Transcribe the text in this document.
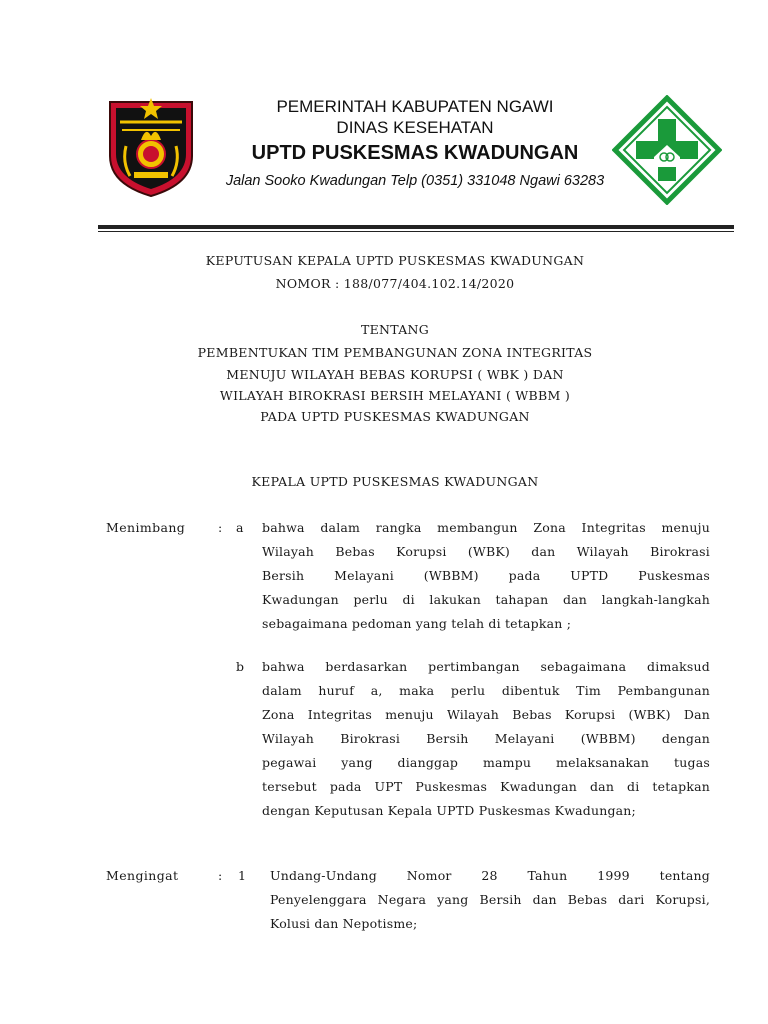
PEMERINTAH KABUPATEN NGAWI
DINAS KESEHATAN
UPTD PUSKESMAS KWADUNGAN
Jalan Sooko Kwadungan Telp (0351) 331048 Ngawi 63283
KEPUTUSAN KEPALA UPTD PUSKESMAS KWADUNGAN
NOMOR : 188/077/404.102.14/2020
TENTANG
PEMBENTUKAN TIM PEMBANGUNAN ZONA INTEGRITAS
MENUJU WILAYAH BEBAS KORUPSI ( WBK ) DAN
WILAYAH BIROKRASI BERSIH MELAYANI ( WBBM )
PADA UPTD PUSKESMAS KWADUNGAN
KEPALA UPTD PUSKESMAS KWADUNGAN
Menimbang	: a bahwa dalam rangka membangun Zona Integritas menuju
Wilayah Bebas Korupsi (WBK) dan Wilayah Birokrasi
Bersih Melayani (WBBM) pada UPTD Puskesmas
Kwadungan perlu di lakukan tahapan dan langkah-langkah
sebagaimana pedoman yang telah di tetapkan ;
b bahwa berdasarkan pertimbangan sebagaimana dimaksud
dalam huruf a, maka perlu dibentuk Tim Pembangunan
Zona Integritas menuju Wilayah Bebas Korupsi (WBK) Dan
Wilayah Birokrasi Bersih Melayani (WBBM) dengan
pegawai yang dianggap mampu melaksanakan tugas
tersebut pada UPT Puskesmas Kwadungan dan di tetapkan
dengan Keputusan Kepala UPTD Puskesmas Kwadungan;
Mengingat	: 1 Undang-Undang Nomor 28 Tahun 1999 tentang
Penyelenggara Negara yang Bersih dan Bebas dari Korupsi,
Kolusi dan Nepotisme;
